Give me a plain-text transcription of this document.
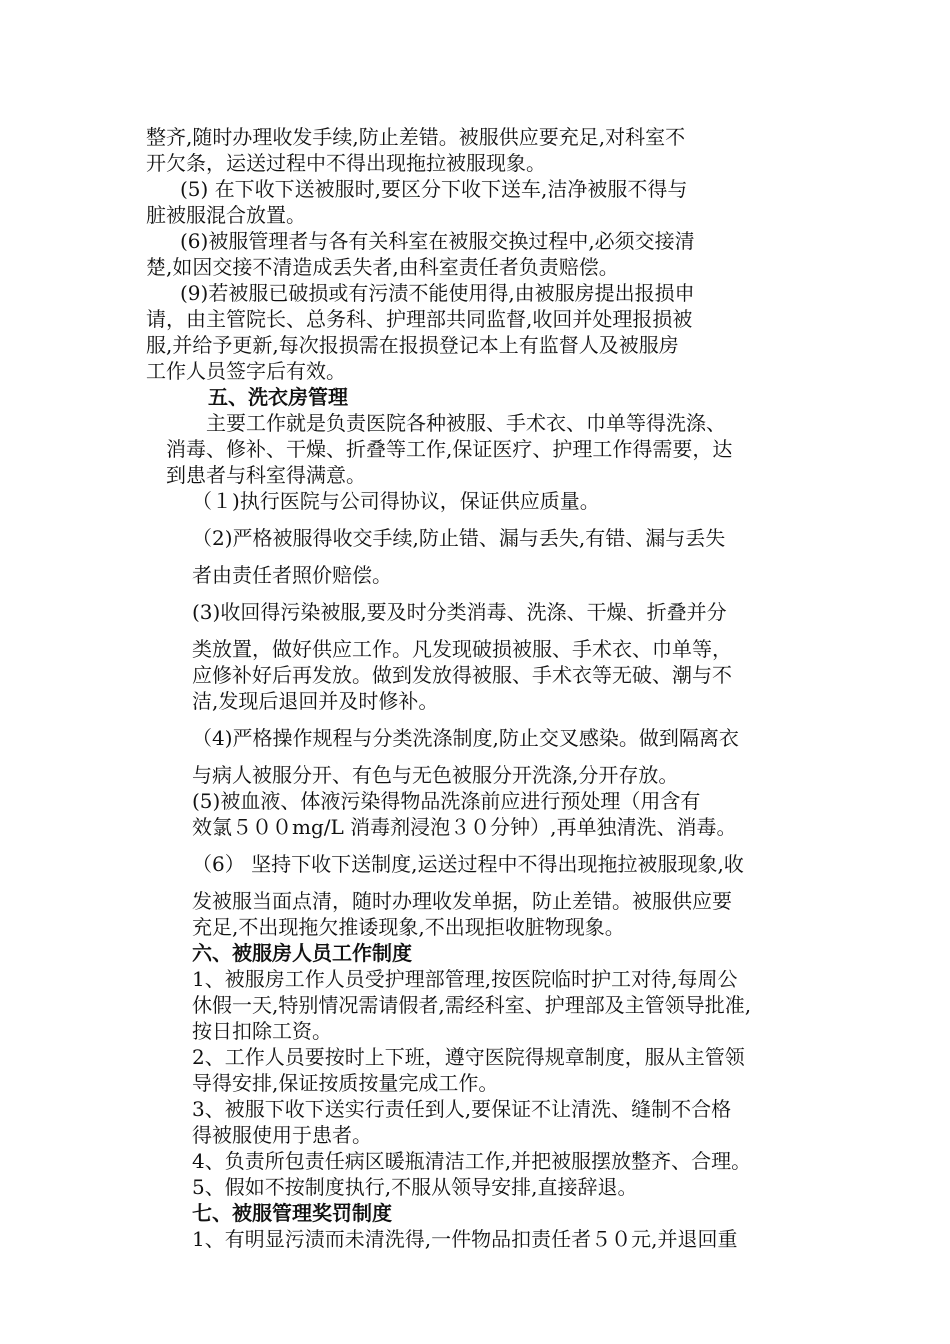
整齐,随时办理收发手续,防止差错。被服供应要充足,对科室不
开欠条，运送过程中不得出现拖拉被服现象。
(5) 在下收下送被服时,要区分下收下送车,洁净被服不得与
脏被服混合放置。
(6)被服管理者与各有关科室在被服交换过程中,必须交接清
楚,如因交接不清造成丢失者,由科室责任者负责赔偿。
(9)若被服已破损或有污渍不能使用得,由被服房提出报损申
请，由主管院长、总务科、护理部共同监督,收回并处理报损被
服,并给予更新,每次报损需在报损登记本上有监督人及被服房
工作人员签字后有效。
五、洗衣房管理
主要工作就是负责医院各种被服、手术衣、巾单等得洗涤、
消毒、修补、干燥、折叠等工作,保证医疗、护理工作得需要，达
到患者与科室得满意。
（１)执行医院与公司得协议，保证供应质量。
（2)严格被服得收交手续,防止错、漏与丢失,有错、漏与丢失
者由责任者照价赔偿。
(3)收回得污染被服,要及时分类消毒、洗涤、干燥、折叠并分
类放置，做好供应工作。凡发现破损被服、手术衣、巾单等，
应修补好后再发放。做到发放得被服、手术衣等无破、潮与不
洁,发现后退回并及时修补。
（4)严格操作规程与分类洗涤制度,防止交叉感染。做到隔离衣
与病人被服分开、有色与无色被服分开洗涤,分开存放。
(5)被血液、体液污染得物品洗涤前应进行预处理（用含有
效氯５００mg/L 消毒剂浸泡３０分钟）,再单独清洗、消毒。
（6） 坚持下收下送制度,运送过程中不得出现拖拉被服现象,收
发被服当面点清，随时办理收发单据，防止差错。被服供应要
充足,不出现拖欠推诿现象,不出现拒收脏物现象。
六、被服房人员工作制度
1、被服房工作人员受护理部管理,按医院临时护工对待,每周公
休假一天,特别情况需请假者,需经科室、护理部及主管领导批准,
按日扣除工资。
2、工作人员要按时上下班，遵守医院得规章制度，服从主管领
导得安排,保证按质按量完成工作。
3、被服下收下送实行责任到人,要保证不让清洗、缝制不合格
得被服使用于患者。
4、负责所包责任病区暖瓶清洁工作,并把被服摆放整齐、合理。
5、假如不按制度执行,不服从领导安排,直接辞退。
七、被服管理奖罚制度
1、有明显污渍而未清洗得,一件物品扣责任者５０元,并退回重
